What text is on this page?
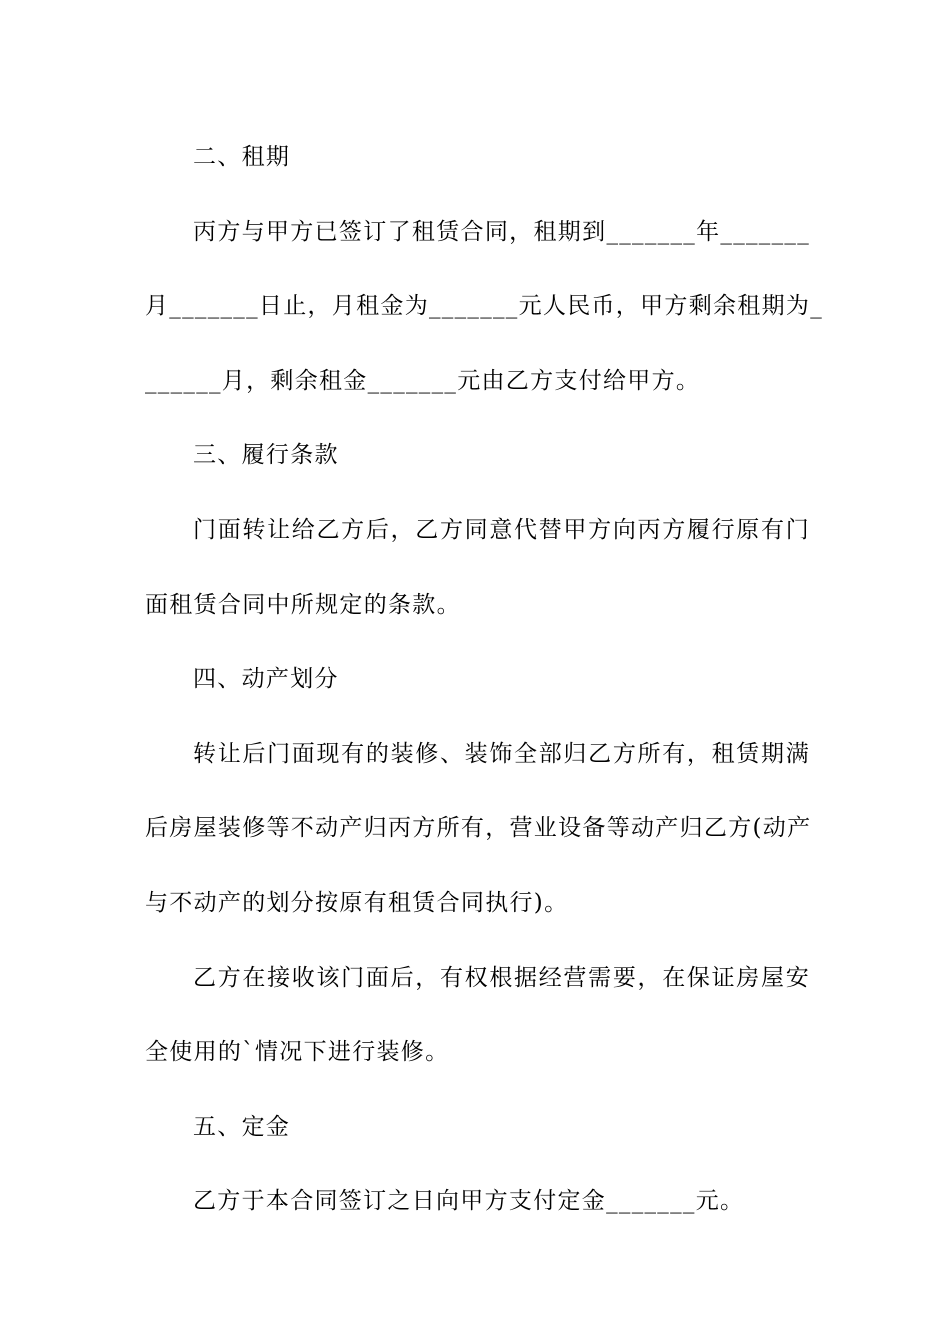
二、租期
丙方与甲方已签订了租赁合同，租期到_______年_______
月_______日止，月租金为_______元人民币，甲方剩余租期为_
______月，剩余租金_______元由乙方支付给甲方。
三、履行条款
门面转让给乙方后，乙方同意代替甲方向丙方履行原有门
面租赁合同中所规定的条款。
四、动产划分
转让后门面现有的装修、装饰全部归乙方所有，租赁期满
后房屋装修等不动产归丙方所有，营业设备等动产归乙方(动产
与不动产的划分按原有租赁合同执行)。
乙方在接收该门面后，有权根据经营需要，在保证房屋安
全使用的`情况下进行装修。
五、定金
乙方于本合同签订之日向甲方支付定金_______元。
